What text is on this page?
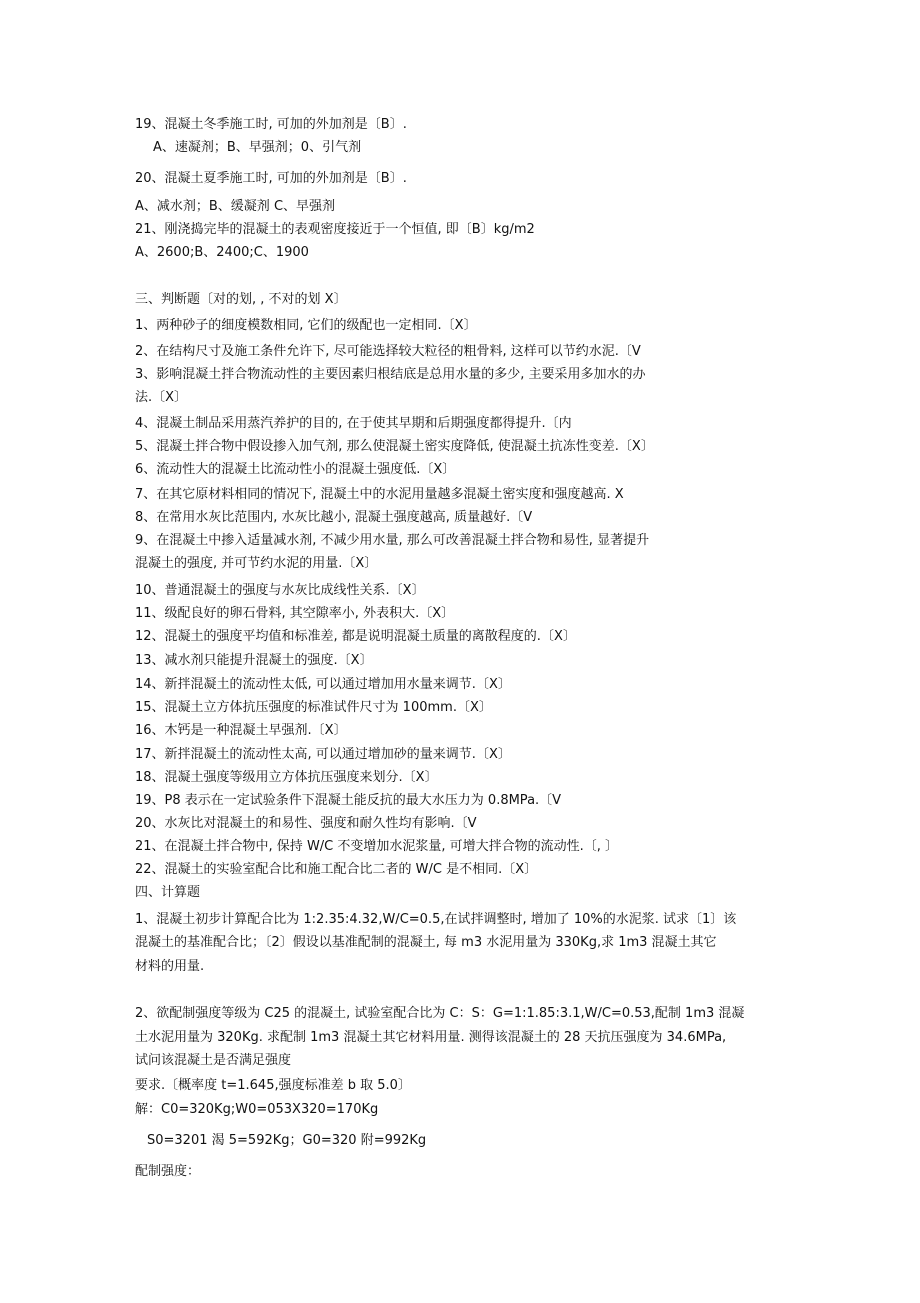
19、混凝土冬季施工时, 可加的外加剂是〔B〕.
A、速凝剂；B、早强剂；0、引气剂
20、混凝土夏季施工时, 可加的外加剂是〔B〕.
A、减水剂；B、缓凝剂 C、早强剂
21、刚浇捣完毕的混凝土的表观密度接近于一个恒值, 即〔B〕kg/m2
A、2600;B、2400;C、1900
三、判断题〔对的划, , 不对的划 X〕
1、两种砂子的细度模数相同, 它们的级配也一定相同.〔X〕
2、在结构尺寸及施工条件允许下, 尽可能选择较大粒径的粗骨料, 这样可以节约水泥.〔V
3、影响混凝土拌合物流动性的主要因素归根结底是总用水量的多少, 主要采用多加水的办
法.〔X〕
4、混凝土制品采用蒸汽养护的目的, 在于使其早期和后期强度都得提升.〔内
5、混凝土拌合物中假设掺入加气剂, 那么使混凝土密实度降低, 使混凝土抗冻性变差.〔X〕
6、流动性大的混凝土比流动性小的混凝土强度低.〔X〕
7、在其它原材料相同的情况下, 混凝土中的水泥用量越多混凝土密实度和强度越高. X
8、在常用水灰比范围内, 水灰比越小, 混凝土强度越高, 质量越好.〔V
9、在混凝土中掺入适量减水剂, 不减少用水量, 那么可改善混凝土拌合物和易性, 显著提升
混凝土的强度, 并可节约水泥的用量.〔X〕
10、普通混凝土的强度与水灰比成线性关系.〔X〕
11、级配良好的卵石骨料, 其空隙率小, 外表积大.〔X〕
12、混凝土的强度平均值和标准差, 都是说明混凝土质量的离散程度的.〔X〕
13、减水剂只能提升混凝土的强度.〔X〕
14、新拌混凝土的流动性太低, 可以通过增加用水量来调节.〔X〕
15、混凝土立方体抗压强度的标准试件尺寸为 100mm.〔X〕
16、木钙是一种混凝土早强剂.〔X〕
17、新拌混凝土的流动性太高, 可以通过增加砂的量来调节.〔X〕
18、混凝土强度等级用立方体抗压强度来划分.〔X〕
19、P8 表示在一定试验条件下混凝土能反抗的最大水压力为 0.8MPa.〔V
20、水灰比对混凝土的和易性、强度和耐久性均有影响.〔V
21、在混凝土拌合物中, 保持 W/C 不变增加水泥浆量, 可增大拌合物的流动性.〔, 〕
22、混凝土的实验室配合比和施工配合比二者的 W/C 是不相同.〔X〕
四、计算题
1、混凝土初步计算配合比为 1:2.35:4.32,W/C=0.5,在试拌调整时, 增加了 10%的水泥浆. 试求〔1〕该
混凝土的基准配合比；〔2〕假设以基准配制的混凝土, 每 m3 水泥用量为 330Kg,求 1m3 混凝土其它
材料的用量.
2、欲配制强度等级为 C25 的混凝土, 试验室配合比为 C：S：G=1:1.85:3.1,W/C=0.53,配制 1m3 混凝
土水泥用量为 320Kg. 求配制 1m3 混凝土其它材料用量. 测得该混凝土的 28 天抗压强度为 34.6MPa,
试问该混凝土是否满足强度
要求.〔概率度 t=1.645,强度标准差 b 取 5.0〕
解：C0=320Kg;W0=053X320=170Kg
S0=3201 渴 5=592Kg；G0=320 附=992Kg
配制强度：
